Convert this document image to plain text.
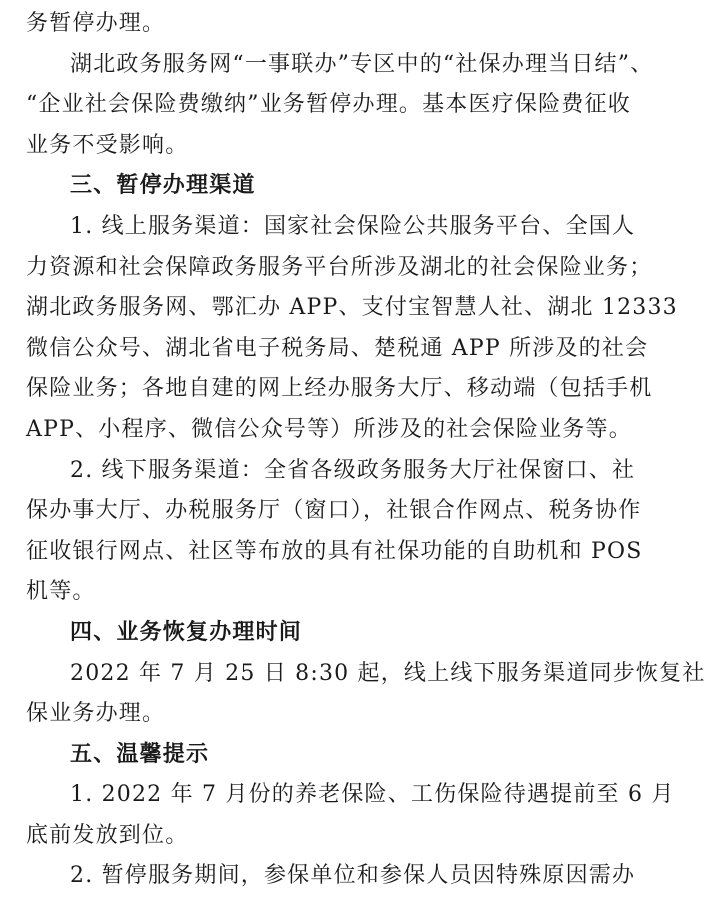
务暂停办理。
湖北政务服务网“一事联办”专区中的“社保办理当日结”、
“企业社会保险费缴纳”业务暂停办理。基本医疗保险费征收
业务不受影响。
三、暂停办理渠道
1. 线上服务渠道：国家社会保险公共服务平台、全国人
力资源和社会保障政务服务平台所涉及湖北的社会保险业务；
湖北政务服务网、鄂汇办 APP、支付宝智慧人社、湖北 12333
微信公众号、湖北省电子税务局、楚税通 APP 所涉及的社会
保险业务；各地自建的网上经办服务大厅、移动端（包括手机
APP、小程序、微信公众号等）所涉及的社会保险业务等。
2. 线下服务渠道：全省各级政务服务大厅社保窗口、社
保办事大厅、办税服务厅（窗口），社银合作网点、税务协作
征收银行网点、社区等布放的具有社保功能的自助机和 POS
机等。
四、业务恢复办理时间
2022 年 7 月 25 日 8:30 起，线上线下服务渠道同步恢复社
保业务办理。
五、温馨提示
1. 2022 年 7 月份的养老保险、工伤保险待遇提前至 6 月
底前发放到位。
2. 暂停服务期间，参保单位和参保人员因特殊原因需办
